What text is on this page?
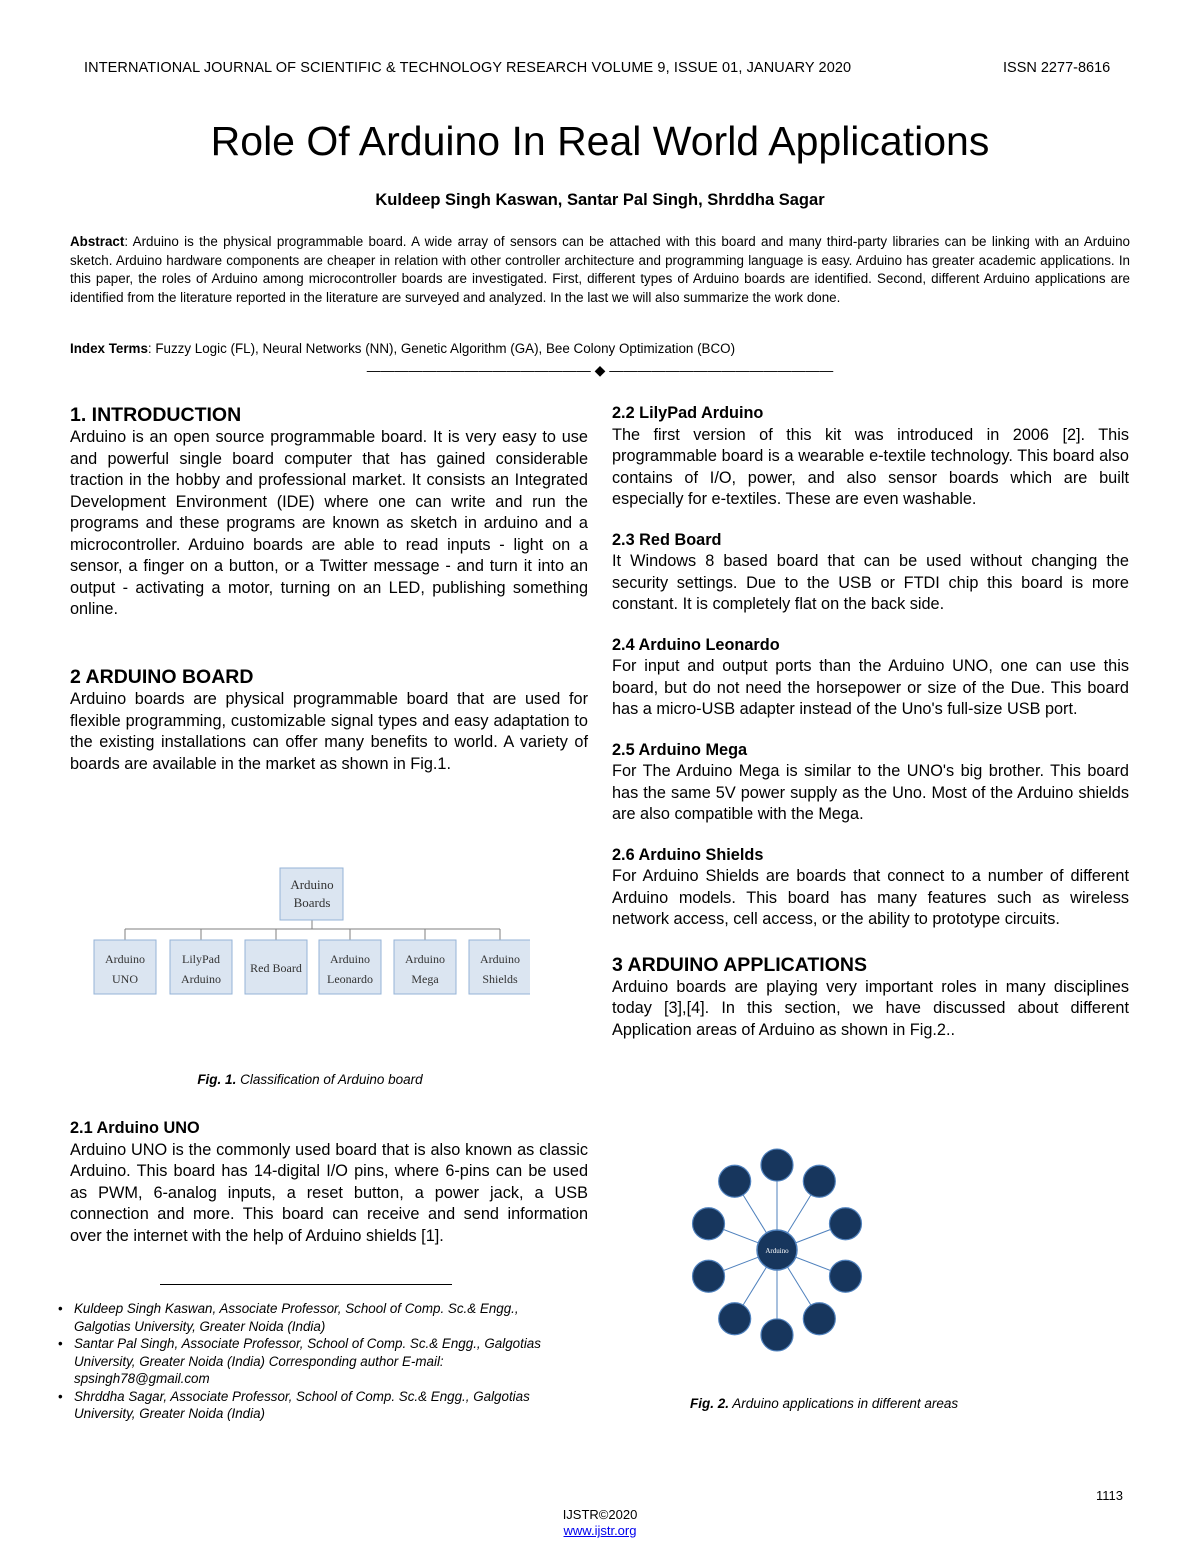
INTERNATIONAL JOURNAL OF SCIENTIFIC & TECHNOLOGY RESEARCH VOLUME 9, ISSUE 01, JANUARY 2020	ISSN 2277-8616
Role Of Arduino In Real World Applications
Kuldeep Singh Kaswan, Santar Pal Singh, Shrddha Sagar
Abstract: Arduino is the physical programmable board. A wide array of sensors can be attached with this board and many third-party libraries can be linking with an Arduino sketch. Arduino hardware components are cheaper in relation with other controller architecture and programming language is easy. Arduino has greater academic applications. In this paper, the roles of Arduino among microcontroller boards are investigated. First, different types of Arduino boards are identified. Second, different Arduino applications are identified from the literature reported in the literature are surveyed and analyzed. In the last we will also summarize the work done.
Index Terms: Fuzzy Logic (FL), Neural Networks (NN), Genetic Algorithm (GA), Bee Colony Optimization (BCO)
———————————————— ◆ ————————————————
1. INTRODUCTION

Arduino is an open source programmable board. It is very easy to use and powerful single board computer that has gained considerable traction in the hobby and professional market. It consists an Integrated Development Environment (IDE) where one can write and run the programs and these programs are known as sketch in arduino and a microcontroller. Arduino boards are able to read inputs - light on a sensor, a finger on a button, or a Twitter message - and turn it into an output - activating a motor, turning on an LED, publishing something online.

2 ARDUINO BOARD

Arduino boards are physical programmable board that are used for flexible programming, customizable signal types and easy adaptation to the existing installations can offer many benefits to world. A variety of boards are available in the market as shown in Fig.1.

Arduino
Boards
Arduino
UNO
LilyPad
Arduino
Red Board
Arduino
Leonardo
Arduino
Mega
Arduino
Shields
Fig. 1. Classification of Arduino board
2.1 Arduino UNO

Arduino UNO is the commonly used board that is also known as classic Arduino. This board has 14-digital I/O pins, where 6-pins can be used as PWM, 6-analog inputs, a reset button, a power jack, a USB connection and more. This board can receive and send information over the internet with the help of Arduino shields [1].

• Kuldeep Singh Kaswan, Associate Professor, School of Comp. Sc.& Engg., Galgotias University, Greater Noida (India)
• Santar Pal Singh, Associate Professor, School of Comp. Sc.& Engg., Galgotias University, Greater Noida (India) Corresponding author E-mail: spsingh78@gmail.com
• Shrddha Sagar, Associate Professor, School of Comp. Sc.& Engg., Galgotias University, Greater Noida (India)
2.2 LilyPad Arduino

The first version of this kit was introduced in 2006 [2]. This programmable board is a wearable e-textile technology. This board also contains of I/O, power, and also sensor boards which are built especially for e-textiles. These are even washable.

2.3 Red Board

It Windows 8 based board that can be used without changing the security settings. Due to the USB or FTDI chip this board is more constant. It is completely flat on the back side.

2.4 Arduino Leonardo

For input and output ports than the Arduino UNO, one can use this board, but do not need the horsepower or size of the Due. This board has a micro-USB adapter instead of the Uno's full-size USB port.

2.5 Arduino Mega

For The Arduino Mega is similar to the UNO's big brother. This board has the same 5V power supply as the Uno. Most of the Arduino shields are also compatible with the Mega.

2.6 Arduino Shields

For Arduino Shields are boards that connect to a number of different Arduino models. This board has many features such as wireless network access, cell access, or the ability to prototype circuits.

3 ARDUINO APPLICATIONS

Arduino boards are playing very important roles in many disciplines today [3],[4]. In this section, we have discussed about different Application areas of Arduino as shown in Fig.2..

Arduino
Fig. 2. Arduino applications in different areas
1113
IJSTR©2020
www.ijstr.org
